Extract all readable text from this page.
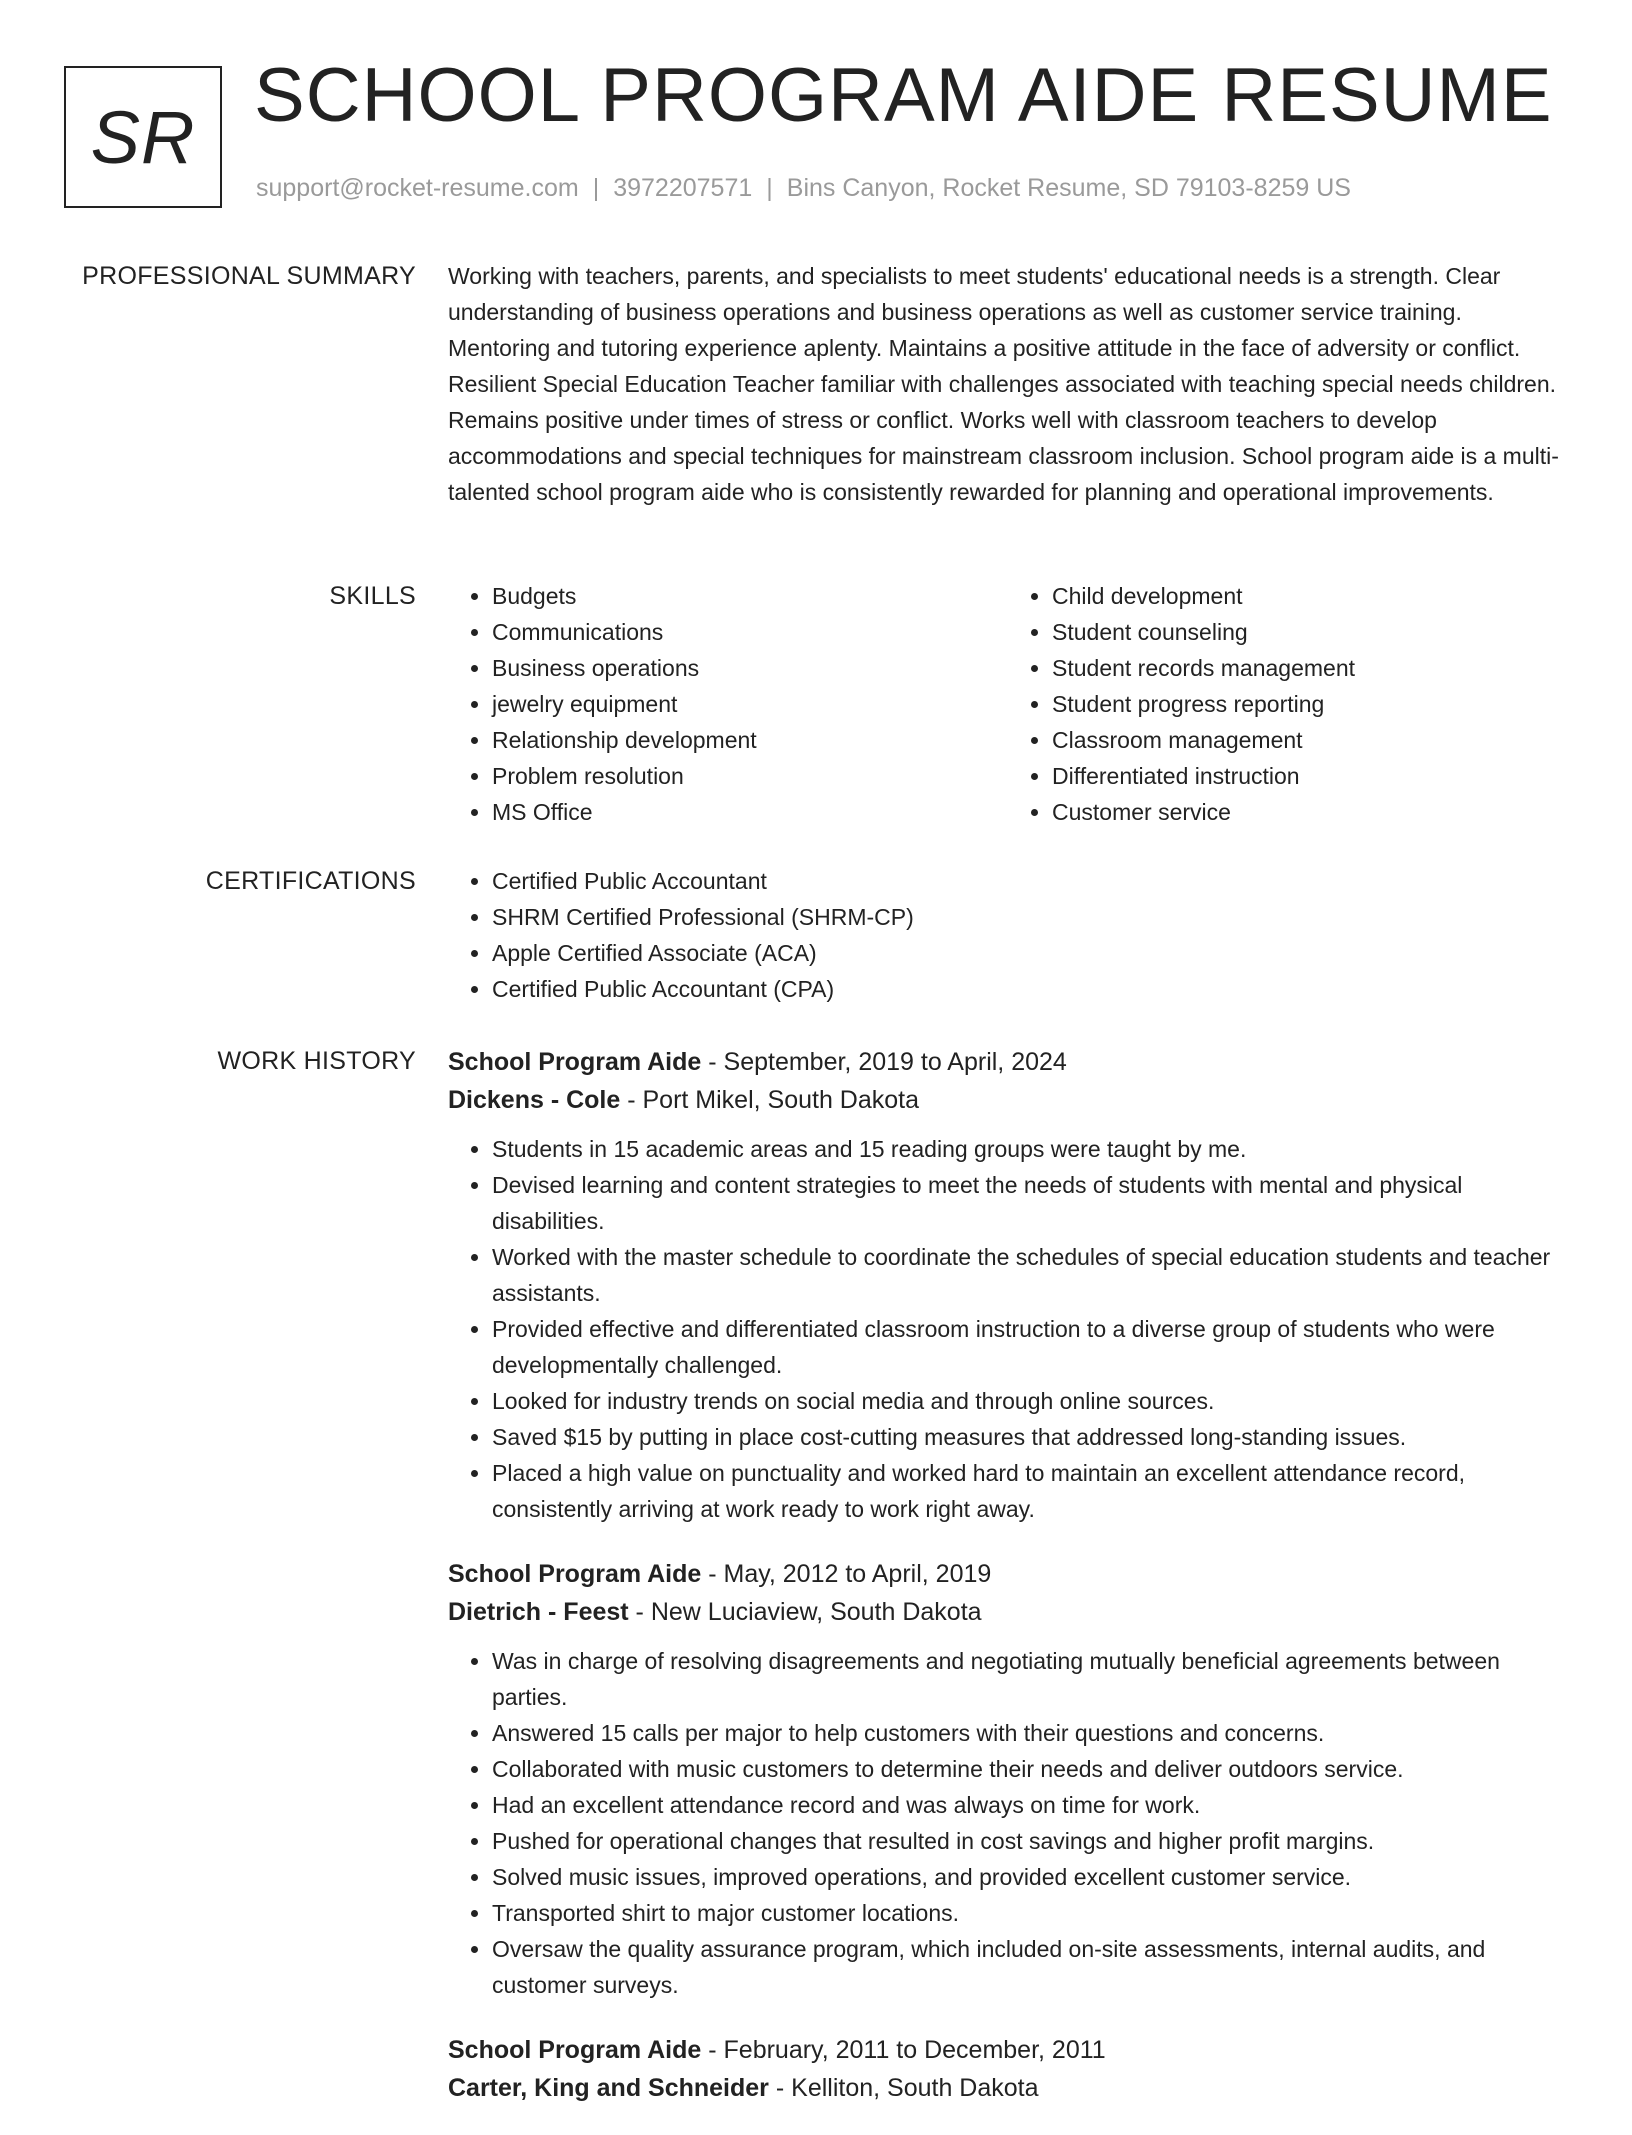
SR SCHOOL PROGRAM AIDE RESUME
support@rocket-resume.com | 3972207571 | Bins Canyon, Rocket Resume, SD 79103-8259 US
PROFESSIONAL SUMMARY Working with teachers, parents, and specialists to meet students' educational needs is a strength. Clear understanding of business operations and business operations as well as customer service training. Mentoring and tutoring experience aplenty. Maintains a positive attitude in the face of adversity or conflict. Resilient Special Education Teacher familiar with challenges associated with teaching special needs children. Remains positive under times of stress or conflict. Works well with classroom teachers to develop accommodations and special techniques for mainstream classroom inclusion. School program aide is a multi-talented school program aide who is consistently rewarded for planning and operational improvements.

SKILLS	• Budgets
• Communications
• Business operations
• jewelry equipment
• Relationship development
• Problem resolution
• MS Office
• Child development
• Student counseling
• Student records management
• Student progress reporting
• Classroom management
• Differentiated instruction
• Customer service
CERTIFICATIONS	• Certified Public Accountant
• SHRM Certified Professional (SHRM-CP)
• Apple Certified Associate (ACA)
• Certified Public Accountant (CPA)
WORK HISTORY School Program Aide - September, 2019 to April, 2024
Dickens - Cole - Port Mikel, South Dakota
• Students in 15 academic areas and 15 reading groups were taught by me.
• Devised learning and content strategies to meet the needs of students with mental and physical disabilities.
• Worked with the master schedule to coordinate the schedules of special education students and teacher assistants.
• Provided effective and differentiated classroom instruction to a diverse group of students who were developmentally challenged.
• Looked for industry trends on social media and through online sources.
• Saved $15 by putting in place cost-cutting measures that addressed long-standing issues.
• Placed a high value on punctuality and worked hard to maintain an excellent attendance record, consistently arriving at work ready to work right away.
School Program Aide - May, 2012 to April, 2019
Dietrich - Feest - New Luciaview, South Dakota
• Was in charge of resolving disagreements and negotiating mutually beneficial agreements between parties.
• Answered 15 calls per major to help customers with their questions and concerns.
• Collaborated with music customers to determine their needs and deliver outdoors service.
• Had an excellent attendance record and was always on time for work.
• Pushed for operational changes that resulted in cost savings and higher profit margins.
• Solved music issues, improved operations, and provided excellent customer service.
• Transported shirt to major customer locations.
• Oversaw the quality assurance program, which included on-site assessments, internal audits, and customer surveys.
School Program Aide - February, 2011 to December, 2011
Carter, King and Schneider - Kelliton, South Dakota
